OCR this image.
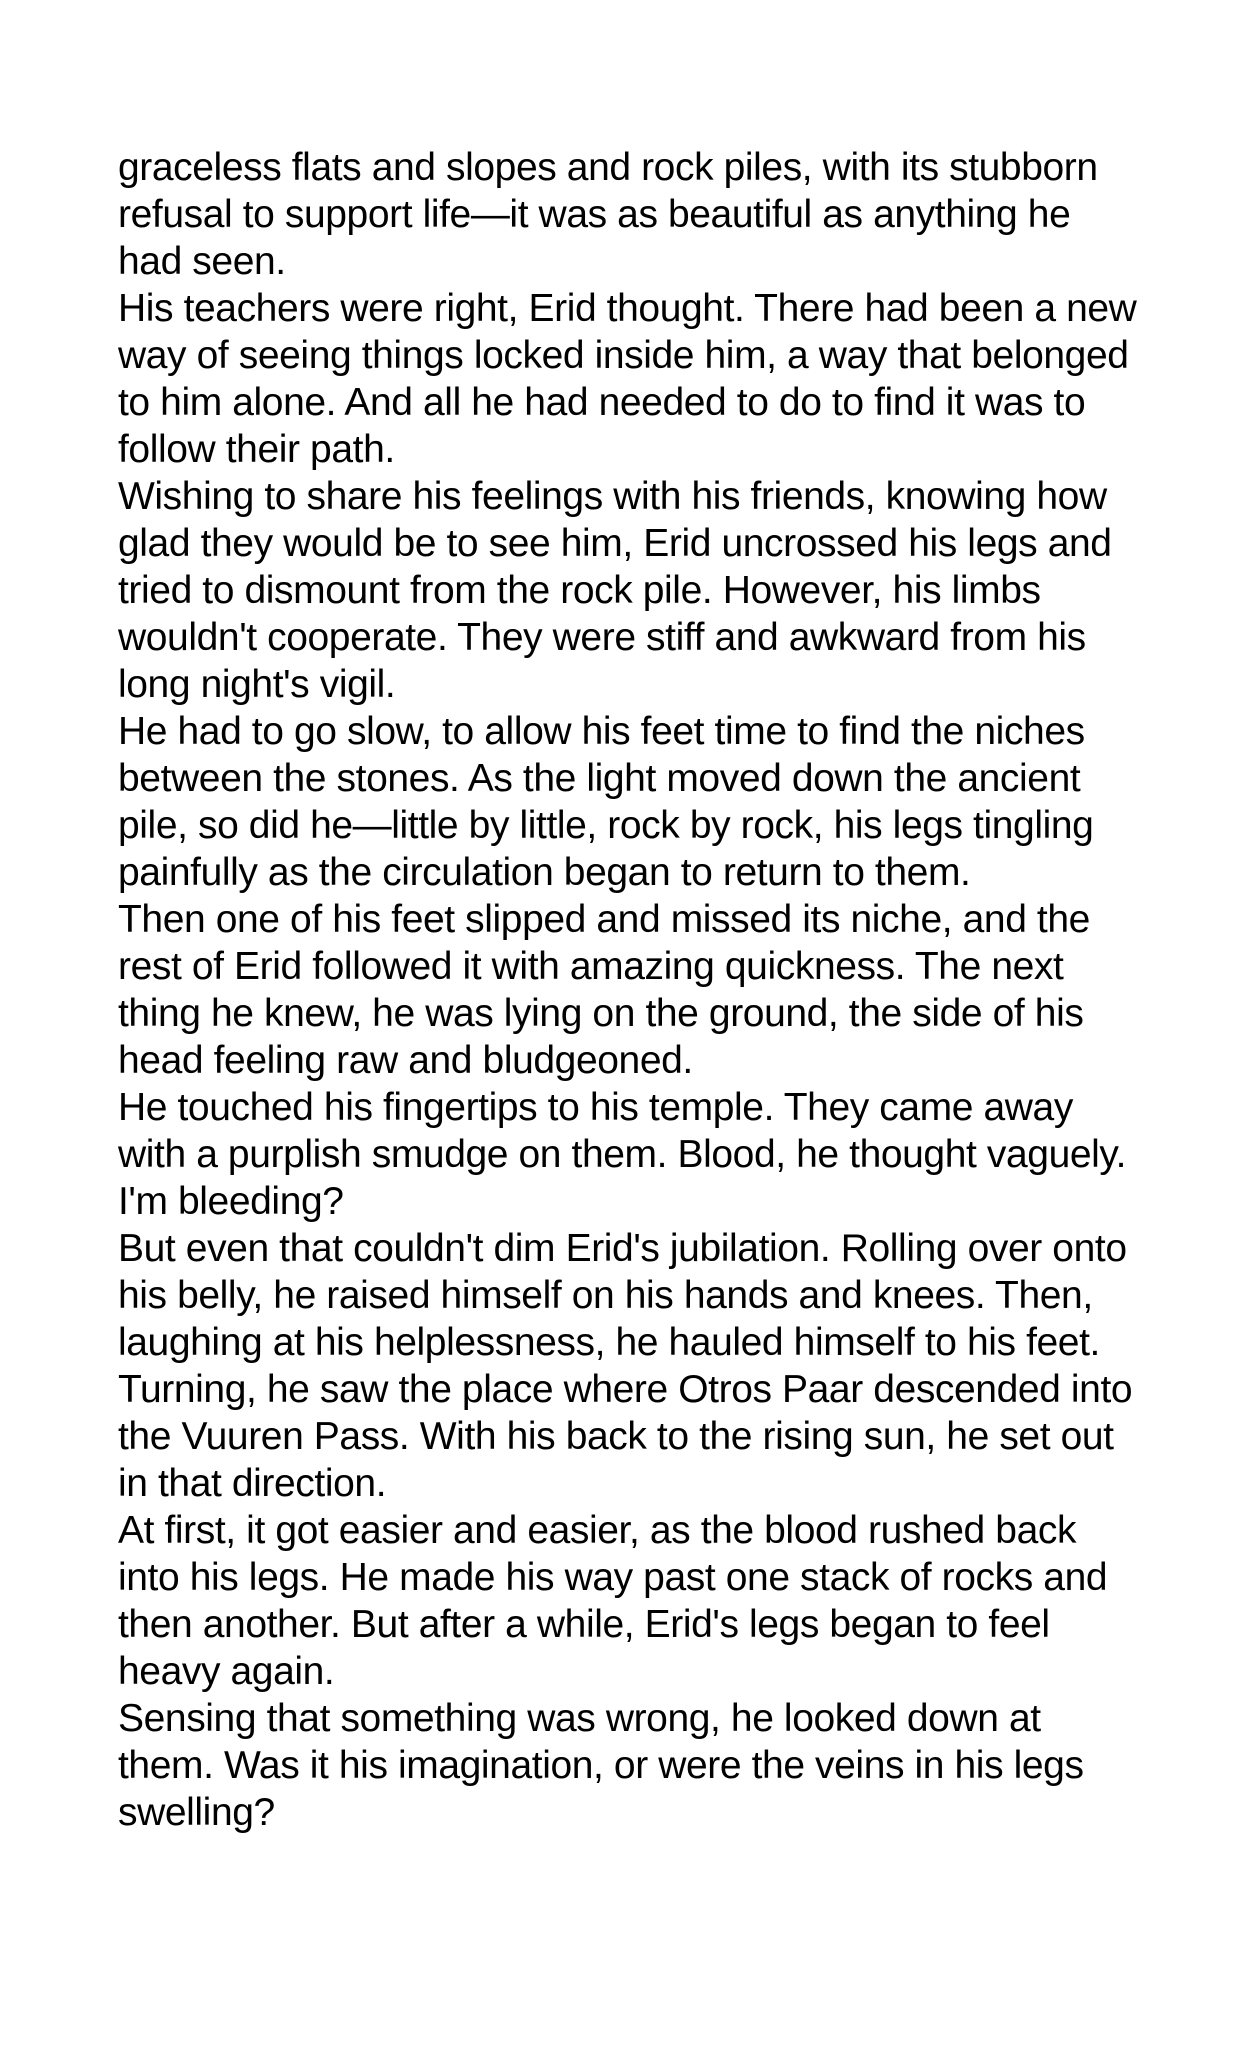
graceless flats and slopes and rock piles, with its stubborn refusal to support life—it was as beautiful as anything he had seen.

His teachers were right, Erid thought. There had been a new way of seeing things locked inside him, a way that belonged to him alone. And all he had needed to do to find it was to follow their path.

Wishing to share his feelings with his friends, knowing how glad they would be to see him, Erid uncrossed his legs and tried to dismount from the rock pile. However, his limbs wouldn't cooperate. They were stiff and awkward from his long night's vigil.

He had to go slow, to allow his feet time to find the niches between the stones. As the light moved down the ancient pile, so did he—little by little, rock by rock, his legs tingling painfully as the circulation began to return to them.

Then one of his feet slipped and missed its niche, and the rest of Erid followed it with amazing quickness. The next thing he knew, he was lying on the ground, the side of his head feeling raw and bludgeoned.

He touched his fingertips to his temple. They came away with a purplish smudge on them. Blood, he thought vaguely. I'm bleeding?

But even that couldn't dim Erid's jubilation. Rolling over onto his belly, he raised himself on his hands and knees. Then, laughing at his helplessness, he hauled himself to his feet.

Turning, he saw the place where Otros Paar descended into the Vuuren Pass. With his back to the rising sun, he set out in that direction.

At first, it got easier and easier, as the blood rushed back into his legs. He made his way past one stack of rocks and then another. But after a while, Erid's legs began to feel heavy again.

Sensing that something was wrong, he looked down at them. Was it his imagination, or were the veins in his legs swelling?
